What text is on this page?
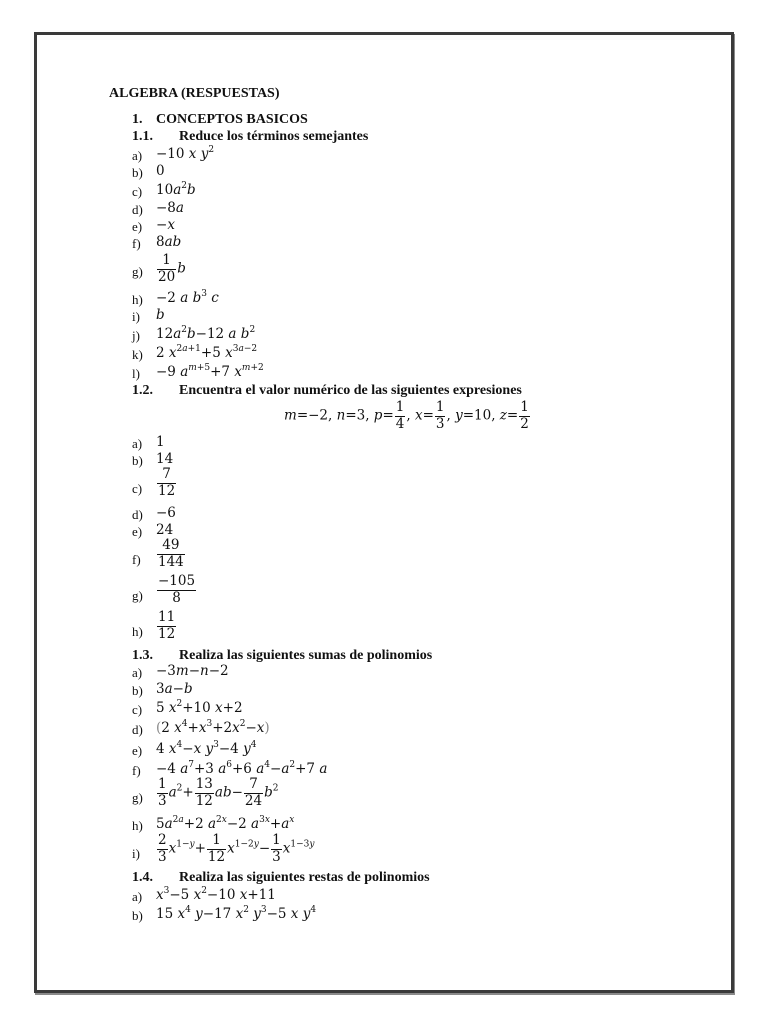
ALGEBRA (RESPUESTAS)
1. CONCEPTOS BASICOS
1.1. Reduce los términos semejantes
a) −10 x $y^2$
b) 0
c) $10a^2b$
d) −8a
e) −x
f) 8ab
$g) \frac{1}{20}$ b
h) −2 a $b^3$ c
i) b
j) $12a^2b-12$ a $b^2$
k) 2 $x^{2a+1}+5$ $x^{3a-2}$
l) −9 $a^{m+5}+7$ $x^{m+2}$
1.2. Encuentra el valor numérico de las siguientes expresiones
m=−2, n=3, $p= \frac{1}{4}$ , $x= \frac{1}{3}$ , y=10, $z= \frac{1}{2}$
a) 1
b) 14
$c) \frac{7}{12}$
d) −6
e) 24
$f) \frac{49}{144}$
$g) \frac{-105}{8}$
$h) \frac{11}{12}$
1.3. Realiza las siguientes sumas de polinomios
a) −3m−n−2
b) 3a−b
c) 5 $x^2+10$ x+2
d) (2 $x^4+x^3+2x^2-x$)
e) 4 $x^4-x$ $y^3-4$ $y^4$
f) −4 $a^7+3$ $a^6+6$ $a^4-a^2+7$ a
$g) \frac{1}{3} a^2+ \frac{13}{12} ab- \frac{7}{24} b^2$
h) $5a^{2a}+2$ $a^{2x}-2$ $a^{3x}+a^x$
$i) \frac{2}{3} x^{1-y}+ \frac{1}{12} x^{1-2y}- \frac{1}{3} x^{1-3y}$
1.4. Realiza las siguientes restas de polinomios
a) $x^3-5$ $x^2-10$ x+11
b) 15 $x^4$ y−17 $x^2$ $y^3-5$ x $y^4$
